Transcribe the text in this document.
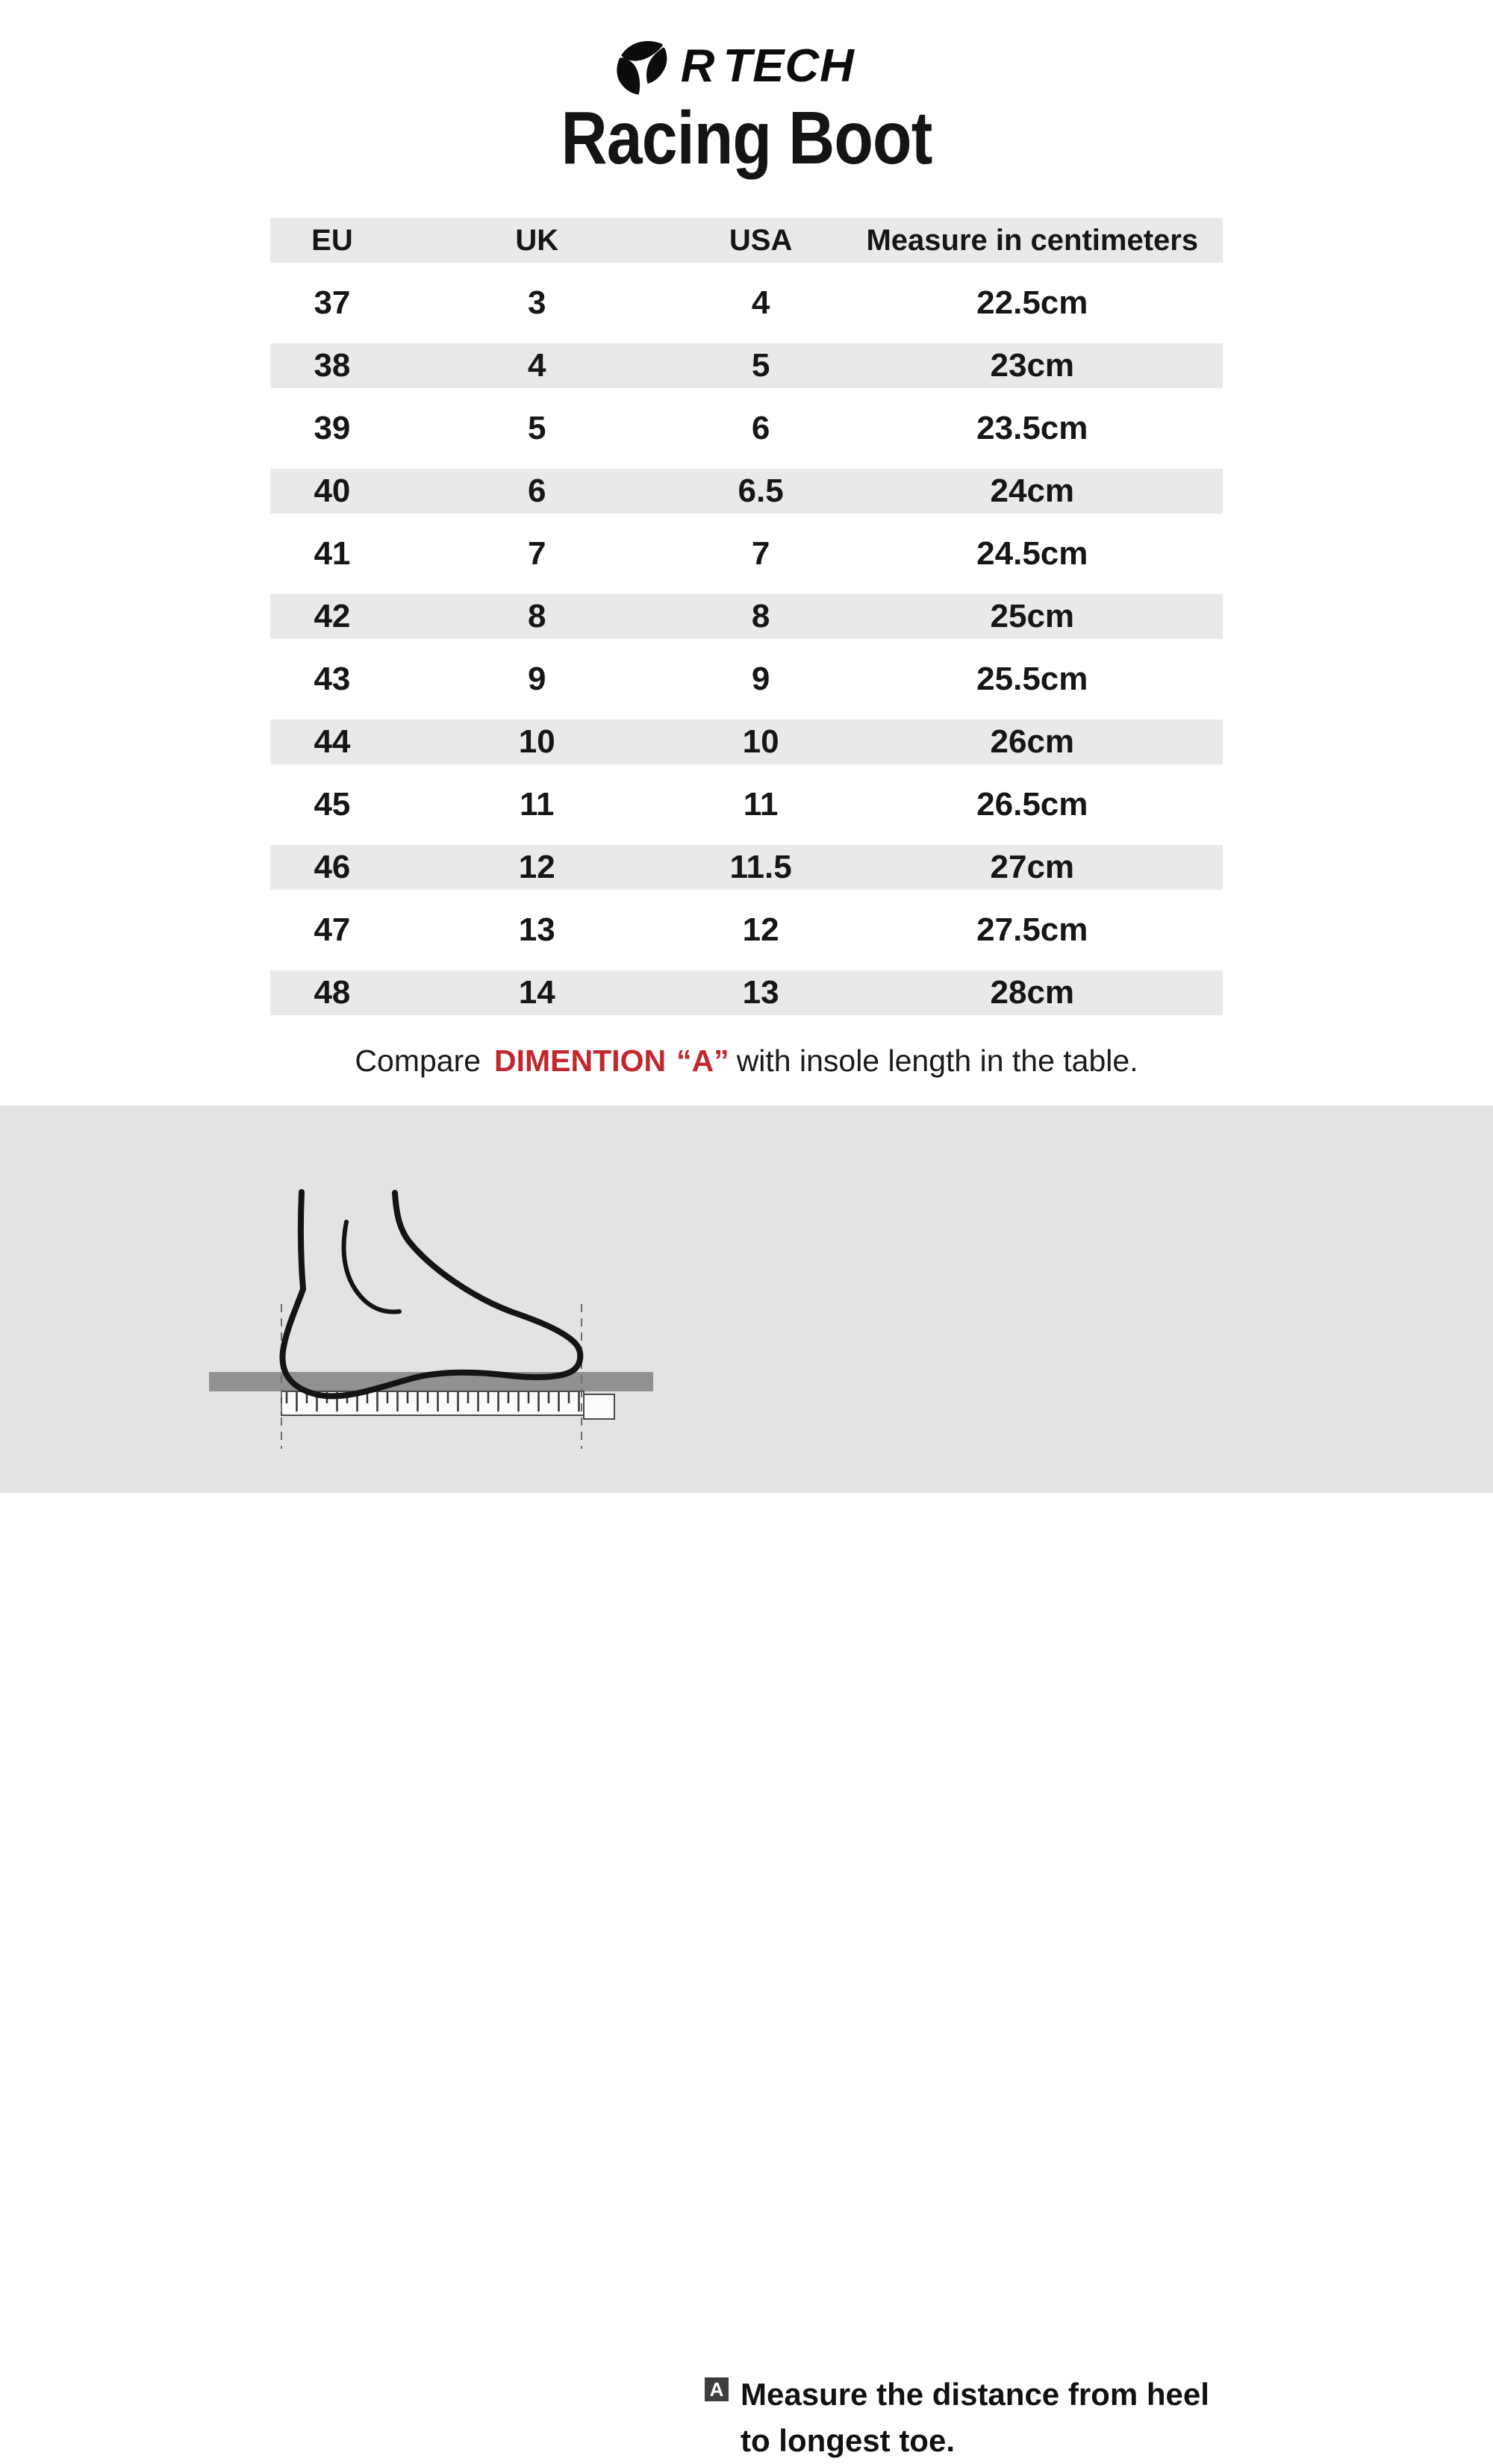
R TECH
Racing Boot
EU	UK	USA	Measure in centimeters
37	3	4	22.5cm
38	4	5	23cm
39	5	6	23.5cm
40	6	6.5	24cm
41	7	7	24.5cm
42	8	8	25cm
43	9	9	25.5cm
44	10	10	26cm
45	11	11	26.5cm
46	12	11.5	27cm
47	13	12	27.5cm
48	14	13	28cm
Compare DIMENTION “A” with insole length in the table.
A Measure the distance from heel
to longest toe.
